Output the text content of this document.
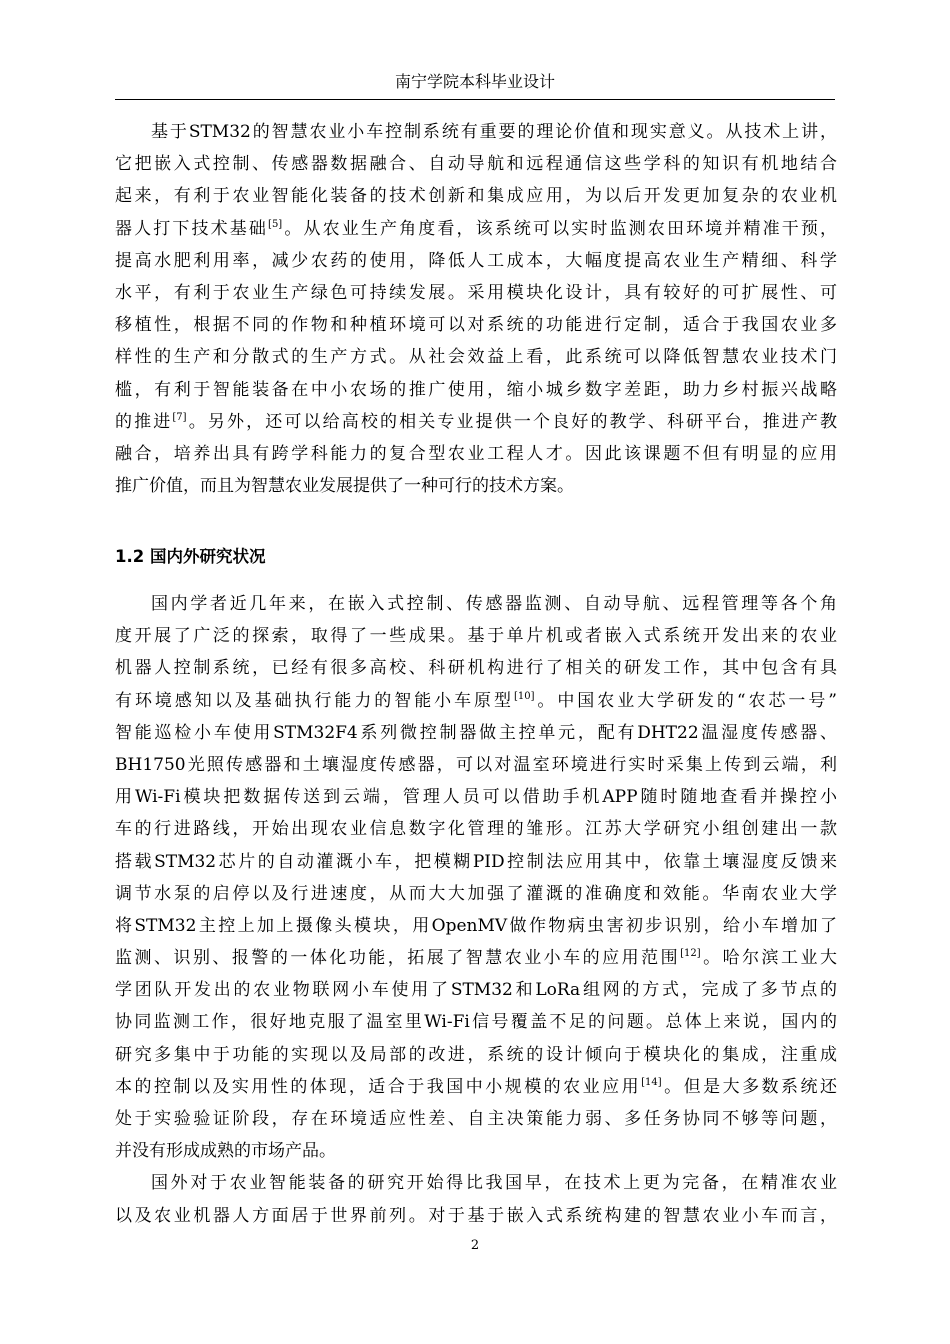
南宁学院本科毕业设计
基于STM32的智慧农业小车控制系统有重要的理论价值和现实意义。从技术上讲，
它把嵌入式控制、传感器数据融合、自动导航和远程通信这些学科的知识有机地结合
起来，有利于农业智能化装备的技术创新和集成应用，为以后开发更加复杂的农业机
器人打下技术基础[5]。从农业生产角度看，该系统可以实时监测农田环境并精准干预，
提高水肥利用率，减少农药的使用，降低人工成本，大幅度提高农业生产精细、科学
水平，有利于农业生产绿色可持续发展。采用模块化设计，具有较好的可扩展性、可
移植性，根据不同的作物和种植环境可以对系统的功能进行定制，适合于我国农业多
样性的生产和分散式的生产方式。从社会效益上看，此系统可以降低智慧农业技术门
槛，有利于智能装备在中小农场的推广使用，缩小城乡数字差距，助力乡村振兴战略
的推进[7]。另外，还可以给高校的相关专业提供一个良好的教学、科研平台，推进产教
融合，培养出具有跨学科能力的复合型农业工程人才。因此该课题不但有明显的应用
推广价值，而且为智慧农业发展提供了一种可行的技术方案。
1.2 国内外研究状况
国内学者近几年来，在嵌入式控制、传感器监测、自动导航、远程管理等各个角
度开展了广泛的探索，取得了一些成果。基于单片机或者嵌入式系统开发出来的农业
机器人控制系统，已经有很多高校、科研机构进行了相关的研发工作，其中包含有具
有环境感知以及基础执行能力的智能小车原型[10]。中国农业大学研发的“农芯一号”
智能巡检小车使用STM32F4系列微控制器做主控单元，配有DHT22温湿度传感器、
BH1750光照传感器和土壤湿度传感器，可以对温室环境进行实时采集上传到云端，利
用Wi-Fi模块把数据传送到云端，管理人员可以借助手机APP随时随地查看并操控小
车的行进路线，开始出现农业信息数字化管理的雏形。江苏大学研究小组创建出一款
搭载STM32芯片的自动灌溉小车，把模糊PID控制法应用其中，依靠土壤湿度反馈来
调节水泵的启停以及行进速度，从而大大加强了灌溉的准确度和效能。华南农业大学
将STM32主控上加上摄像头模块，用OpenMV做作物病虫害初步识别，给小车增加了
监测、识别、报警的一体化功能，拓展了智慧农业小车的应用范围[12]。哈尔滨工业大
学团队开发出的农业物联网小车使用了STM32和LoRa组网的方式，完成了多节点的
协同监测工作，很好地克服了温室里Wi-Fi信号覆盖不足的问题。总体上来说，国内的
研究多集中于功能的实现以及局部的改进，系统的设计倾向于模块化的集成，注重成
本的控制以及实用性的体现，适合于我国中小规模的农业应用[14]。但是大多数系统还
处于实验验证阶段，存在环境适应性差、自主决策能力弱、多任务协同不够等问题，
并没有形成成熟的市场产品。
国外对于农业智能装备的研究开始得比我国早，在技术上更为完备，在精准农业
以及农业机器人方面居于世界前列。对于基于嵌入式系统构建的智慧农业小车而言，
2
